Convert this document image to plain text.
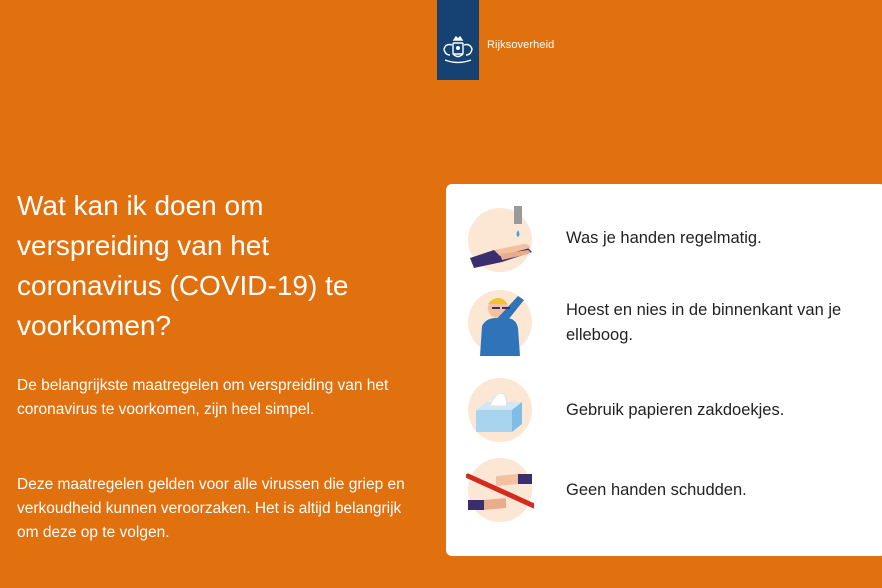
Rijksoverheid
Wat kan ik doen om verspreiding van het coronavirus (COVID-19) te voorkomen?

De belangrijkste maatregelen om verspreiding van het coronavirus te voorkomen, zijn heel simpel.

Deze maatregelen gelden voor alle virussen die griep en verkoudheid kunnen veroorzaken. Het is altijd belangrijk om deze op te volgen.

Was je handen regelmatig.
Hoest en nies in de binnenkant van je elleboog.
Gebruik papieren zakdoekjes.
Geen handen schudden.
